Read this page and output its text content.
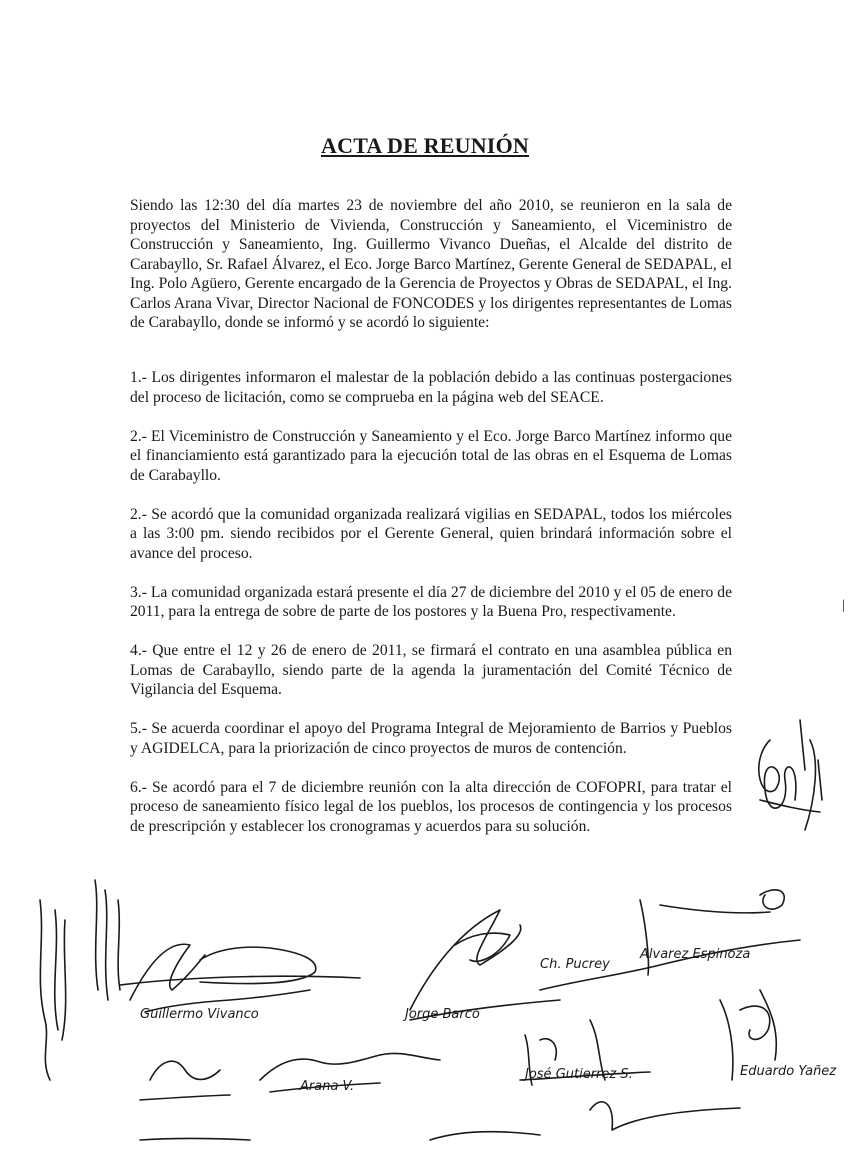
ACTA DE REUNIÓN
Siendo las 12:30 del día martes 23 de noviembre del año 2010, se reunieron en la sala de proyectos del Ministerio de Vivienda, Construcción y Saneamiento, el Viceministro de Construcción y Saneamiento, Ing. Guillermo Vivanco Dueñas, el Alcalde del distrito de Carabayllo, Sr. Rafael Álvarez, el Eco. Jorge Barco Martínez, Gerente General de SEDAPAL, el Ing. Polo Agüero, Gerente encargado de la Gerencia de Proyectos y Obras de SEDAPAL, el Ing. Carlos Arana Vivar, Director Nacional de FONCODES y los dirigentes representantes de Lomas de Carabayllo, donde se informó y se acordó lo siguiente:

1.- Los dirigentes informaron el malestar de la población debido a las continuas postergaciones del proceso de licitación, como se comprueba en la página web del SEACE.

2.- El Viceministro de Construcción y Saneamiento y el Eco. Jorge Barco Martínez informo que el financiamiento está garantizado para la ejecución total de las obras en el Esquema de Lomas de Carabayllo.

2.- Se acordó que la comunidad organizada realizará vigilias en SEDAPAL, todos los miércoles a las 3:00 pm. siendo recibidos por el Gerente General, quien brindará información sobre el avance del proceso.

3.- La comunidad organizada estará presente el día 27 de diciembre del 2010 y el 05 de enero de 2011, para la entrega de sobre de parte de los postores y la Buena Pro, respectivamente.

4.- Que entre el 12 y 26 de enero de 2011, se firmará el contrato en una asamblea pública en Lomas de Carabayllo, siendo parte de la agenda la juramentación del Comité Técnico de Vigilancia del Esquema.

5.- Se acuerda coordinar el apoyo del Programa Integral de Mejoramiento de Barrios y Pueblos y AGIDELCA, para la priorización de cinco proyectos de muros de contención.

6.- Se acordó para el 7 de diciembre reunión con la alta dirección de COFOPRI, para tratar el proceso de saneamiento físico legal de los pueblos, los procesos de contingencia y los procesos de prescripción y establecer los cronogramas y acuerdos para su solución.

|
Guillermo Vivanco	Jorge Barco
Ch. Pucrey
Alvarez Espinoza
Arana V.
José Gutierrez S.	Eduardo Yañez
